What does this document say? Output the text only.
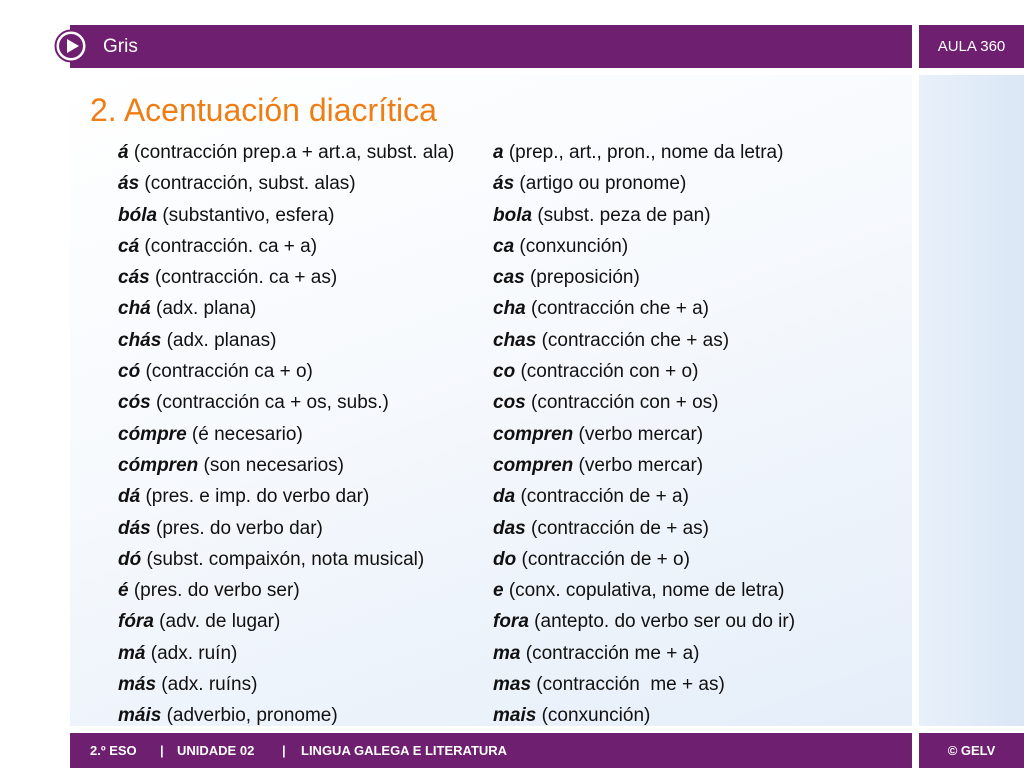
Gris	AULA 360
2. Acentuación diacrítica
á (contracción prep.a + art.a, subst. ala)
ás (contracción, subst. alas)
bóla (substantivo, esfera)
cá (contracción. ca + a)
cás (contracción. ca + as)
chá (adx. plana)
chás (adx. planas)
có (contracción ca + o)
cós (contracción ca + os, subs.)
cómpre (é necesario)
cómpren (son necesarios)
dá (pres. e imp. do verbo dar)
dás (pres. do verbo dar)
dó (subst. compaixón, nota musical)
é (pres. do verbo ser)
fóra (adv. de lugar)
má (adx. ruín)
más (adx. ruíns)
máis (adverbio, pronome)
a (prep., art., pron., nome da letra)
ás (artigo ou pronome)
bola (subst. peza de pan)
ca (conxunción)
cas (preposición)
cha (contracción che + a)
chas (contracción che + as)
co (contracción con + o)
cos (contracción con + os)
compren (verbo mercar)
compren (verbo mercar)
da (contracción de + a)
das (contracción de + as)
do (contracción de + o)
e (conx. copulativa, nome de letra)
fora (antepto. do verbo ser ou do ir)
ma (contracción me + a)
mas (contracción  me + as)
mais (conxunción)
2.º ESO | UNIDADE 02 | LINGUA GALEGA E LITERATURA	© GELV
